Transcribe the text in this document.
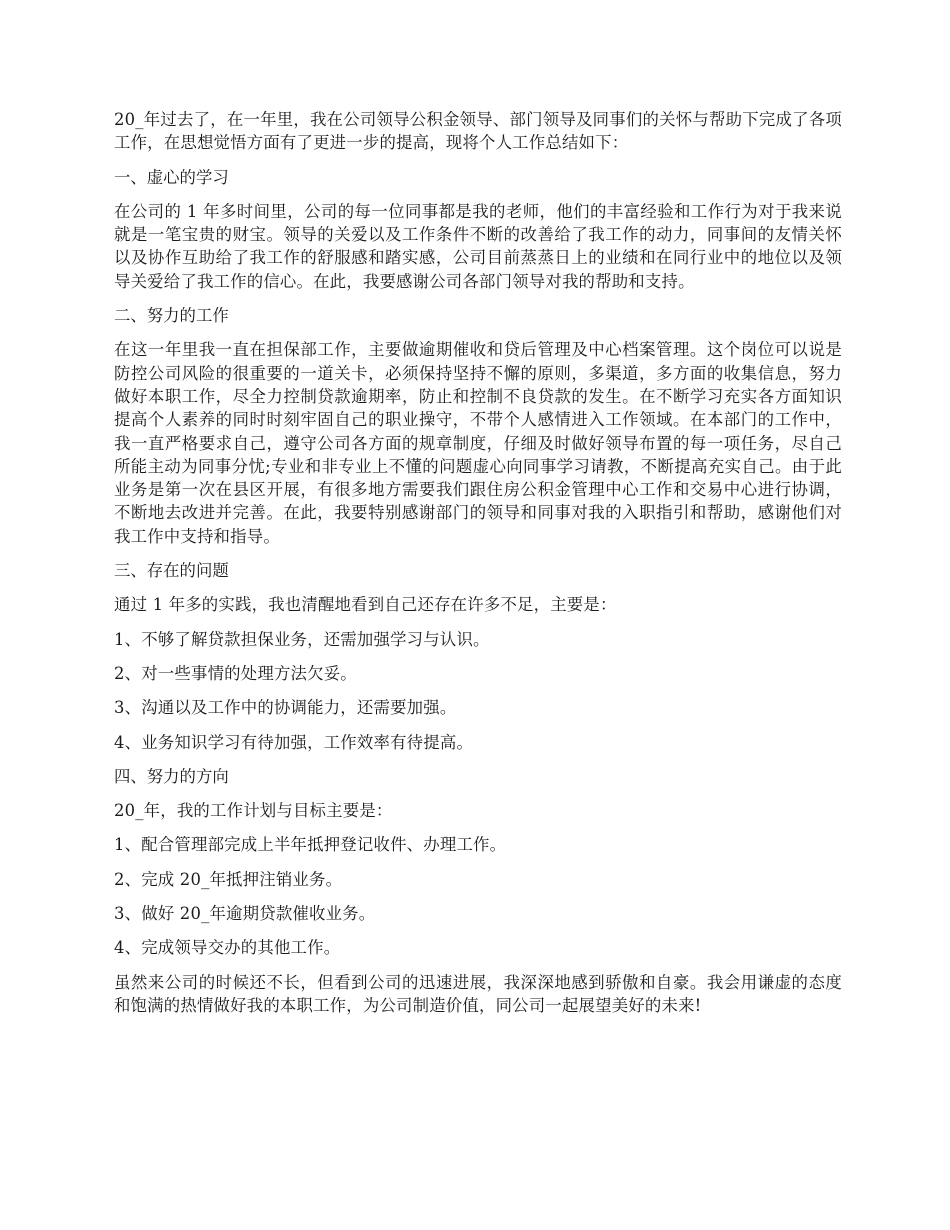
20_年过去了，在一年里，我在公司领导公积金领导、部门领导及同事们的关怀与帮助下完成了各项工作，在思想觉悟方面有了更进一步的提高，现将个人工作总结如下：

一、虚心的学习

在公司的 1 年多时间里，公司的每一位同事都是我的老师，他们的丰富经验和工作行为对于我来说就是一笔宝贵的财宝。领导的关爱以及工作条件不断的改善给了我工作的动力，同事间的友情关怀以及协作互助给了我工作的舒服感和踏实感，公司目前蒸蒸日上的业绩和在同行业中的地位以及领导关爱给了我工作的信心。在此，我要感谢公司各部门领导对我的帮助和支持。

二、努力的工作

在这一年里我一直在担保部工作，主要做逾期催收和贷后管理及中心档案管理。这个岗位可以说是防控公司风险的很重要的一道关卡，必须保持坚持不懈的原则，多渠道，多方面的收集信息，努力做好本职工作，尽全力控制贷款逾期率，防止和控制不良贷款的发生。在不断学习充实各方面知识提高个人素养的同时时刻牢固自己的职业操守，不带个人感情进入工作领域。在本部门的工作中，我一直严格要求自己，遵守公司各方面的规章制度，仔细及时做好领导布置的每一项任务，尽自己所能主动为同事分忧;专业和非专业上不懂的问题虚心向同事学习请教，不断提高充实自己。由于此业务是第一次在县区开展，有很多地方需要我们跟住房公积金管理中心工作和交易中心进行协调，不断地去改进并完善。在此，我要特别感谢部门的领导和同事对我的入职指引和帮助，感谢他们对我工作中支持和指导。

三、存在的问题

通过 1 年多的实践，我也清醒地看到自己还存在许多不足，主要是：

1、不够了解贷款担保业务，还需加强学习与认识。

2、对一些事情的处理方法欠妥。

3、沟通以及工作中的协调能力，还需要加强。

4、业务知识学习有待加强，工作效率有待提高。

四、努力的方向

20_年，我的工作计划与目标主要是：

1、配合管理部完成上半年抵押登记收件、办理工作。

2、完成 20_年抵押注销业务。

3、做好 20_年逾期贷款催收业务。

4、完成领导交办的其他工作。

虽然来公司的时候还不长，但看到公司的迅速进展，我深深地感到骄傲和自豪。我会用谦虚的态度和饱满的热情做好我的本职工作，为公司制造价值，同公司一起展望美好的未来!
